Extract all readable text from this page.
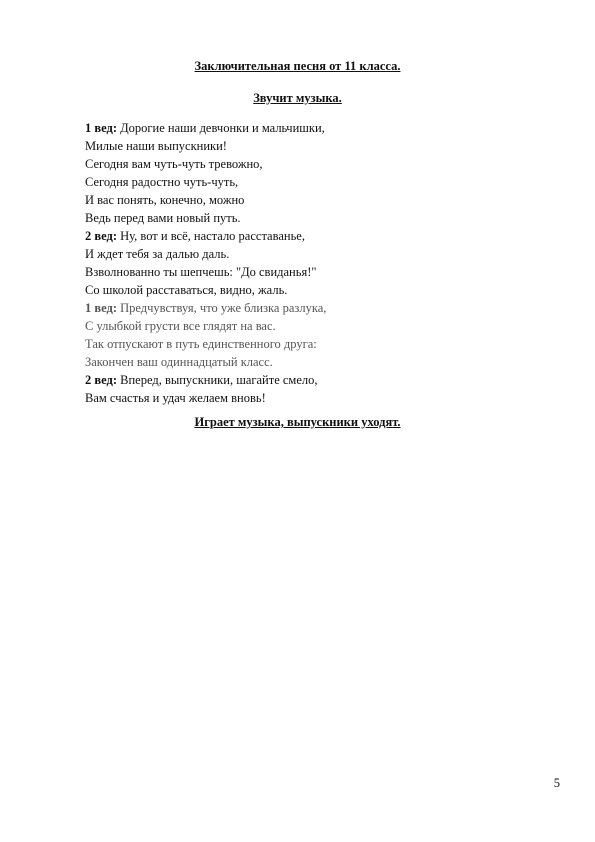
Заключительная песня от 11 класса.
Звучит музыка.
1 вед: Дорогие наши девчонки и мальчишки,
Милые наши выпускники!
Сегодня вам чуть-чуть тревожно,
Сегодня радостно чуть-чуть,
И вас понять, конечно, можно
Ведь перед вами новый путь.
2 вед: Ну, вот и всё, настало расставанье,
И ждет тебя за далью даль.
Взволнованно ты шепчешь: "До свиданья!"
Со школой расставаться, видно, жаль.
1 вед: Предчувствуя, что уже близка разлука,
С улыбкой грусти все глядят на вас.
Так отпускают в путь единственного друга:
Закончен ваш одиннадцатый класс.
2 вед: Вперед, выпускники, шагайте смело,
Вам счастья и удач желаем вновь!
Играет музыка, выпускники уходят.
5
